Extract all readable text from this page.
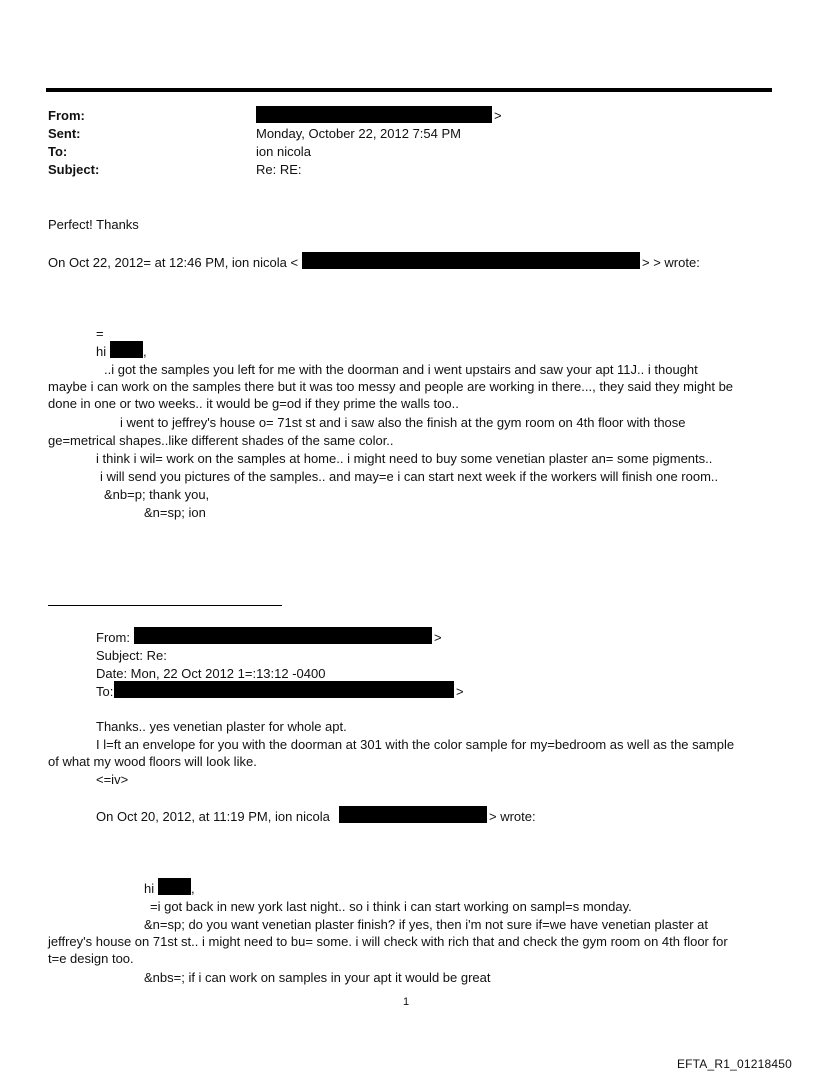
From:	>
Sent:	Monday, October 22, 2012 7:54 PM
To:	ion nicola
Subject:	Re: RE:
Perfect! Thanks
On Oct 22, 2012= at 12:46 PM, ion nicola <	> > wrote:
=
hi	,
..i got the samples you left for me with the doorman and i went upstairs and saw your apt 11J.. i thought
maybe i can work on the samples there but it was too messy and people are working in there..., they said they might be
done in one or two weeks.. it would be g=od if they prime the walls too..
i went to jeffrey's house o= 71st st and i saw also the finish at the gym room on 4th floor with those
ge=metrical shapes..like different shades of the same color..
i think i wil= work on the samples at home.. i might need to buy some venetian plaster an= some pigments..
i will send you pictures of the samples.. and may=e i can start next week if the workers will finish one room..
&nb=p; thank you,
&n=sp; ion
From:	>
Subject: Re:
Date: Mon, 22 Oct 2012 1=:13:12 -0400
To:	>
Thanks.. yes venetian plaster for whole apt.
I l=ft an envelope for you with the doorman at 301 with the color sample for my=bedroom as well as the sample
of what my wood floors will look like.
<=iv>
On Oct 20, 2012, at 11:19 PM, ion nicola	> wrote:
hi	,
=i got back in new york last night.. so i think i can start working on sampl=s monday.
&n=sp; do you want venetian plaster finish? if yes, then i'm not sure if=we have venetian plaster at
jeffrey's house on 71st st.. i might need to bu= some. i will check with rich that and check the gym room on 4th floor for
t=e design too.
&nbs=; if i can work on samples in your apt it would be great
1
EFTA_R1_01218450
